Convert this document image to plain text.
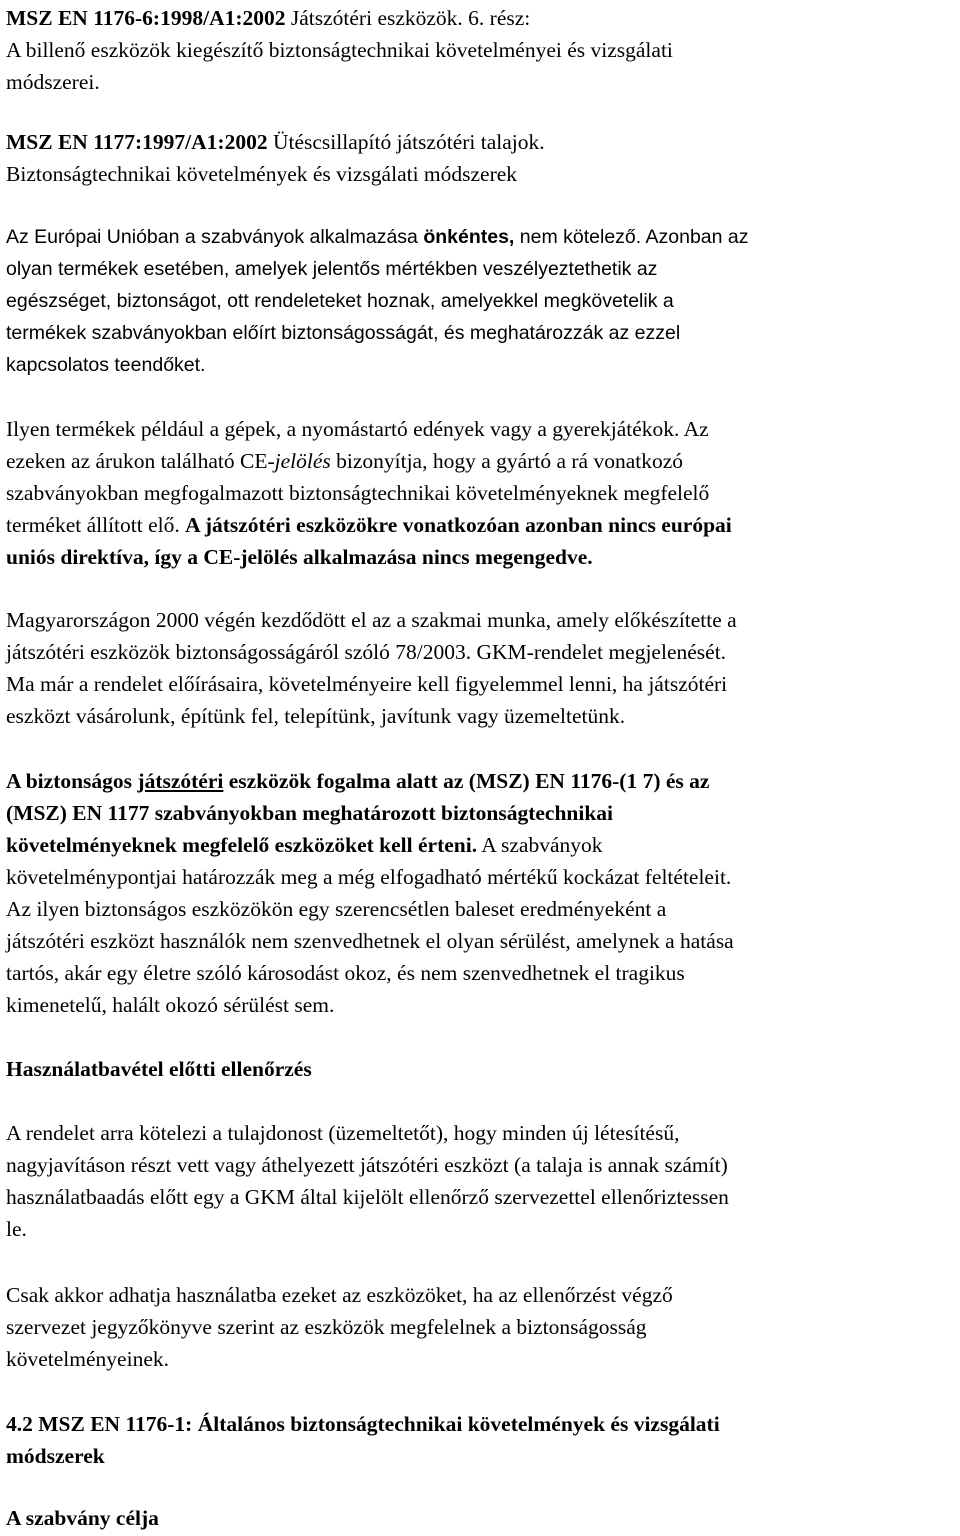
MSZ EN 1176-6:1998/A1:2002 Játszótéri eszközök. 6. rész:
A billenő eszközök kiegészítő biztonságtechnikai követelményei és vizsgálati
módszerei.
MSZ EN 1177:1997/A1:2002 Ütéscsillapító játszótéri talajok.
Biztonságtechnikai követelmények és vizsgálati módszerek
Az Európai Unióban a szabványok alkalmazása önkéntes, nem kötelező. Azonban az
olyan termékek esetében, amelyek jelentős mértékben veszélyeztethetik az
egészséget, biztonságot, ott rendeleteket hoznak, amelyekkel megkövetelik a
termékek szabványokban előírt biztonságosságát, és meghatározzák az ezzel
kapcsolatos teendőket.
Ilyen termékek például a gépek, a nyomástartó edények vagy a gyerekjátékok. Az
ezeken az árukon található CE-jelölés bizonyítja, hogy a gyártó a rá vonatkozó
szabványokban megfogalmazott biztonságtechnikai követelményeknek megfelelő
terméket állított elő. A játszótéri eszközökre vonatkozóan azonban nincs európai
uniós direktíva, így a CE-jelölés alkalmazása nincs megengedve.
Magyarországon 2000 végén kezdődött el az a szakmai munka, amely előkészítette a
játszótéri eszközök biztonságosságáról szóló 78/2003. GKM-rendelet megjelenését.
Ma már a rendelet előírásaira, követelményeire kell figyelemmel lenni, ha játszótéri
eszközt vásárolunk, építünk fel, telepítünk, javítunk vagy üzemeltetünk.
A biztonságos játszótéri eszközök fogalma alatt az (MSZ) EN 1176-(1 7) és az
(MSZ) EN 1177 szabványokban meghatározott biztonságtechnikai
követelményeknek megfelelő eszközöket kell érteni. A szabványok
követelménypontjai határozzák meg a még elfogadható mértékű kockázat feltételeit.
Az ilyen biztonságos eszközökön egy szerencsétlen baleset eredményeként a
játszótéri eszközt használók nem szenvedhetnek el olyan sérülést, amelynek a hatása
tartós, akár egy életre szóló károsodást okoz, és nem szenvedhetnek el tragikus
kimenetelű, halált okozó sérülést sem.
Használatbavétel előtti ellenőrzés
A rendelet arra kötelezi a tulajdonost (üzemeltetőt), hogy minden új létesítésű,
nagyjavításon részt vett vagy áthelyezett játszótéri eszközt (a talaja is annak számít)
használatbaadás előtt egy a GKM által kijelölt ellenőrző szervezettel ellenőriztessen
le.
Csak akkor adhatja használatba ezeket az eszközöket, ha az ellenőrzést végző
szervezet jegyzőkönyve szerint az eszközök megfelelnek a biztonságosság
követelményeinek.
4.2 MSZ EN 1176-1: Általános biztonságtechnikai követelmények és vizsgálati
módszerek
A szabvány célja
